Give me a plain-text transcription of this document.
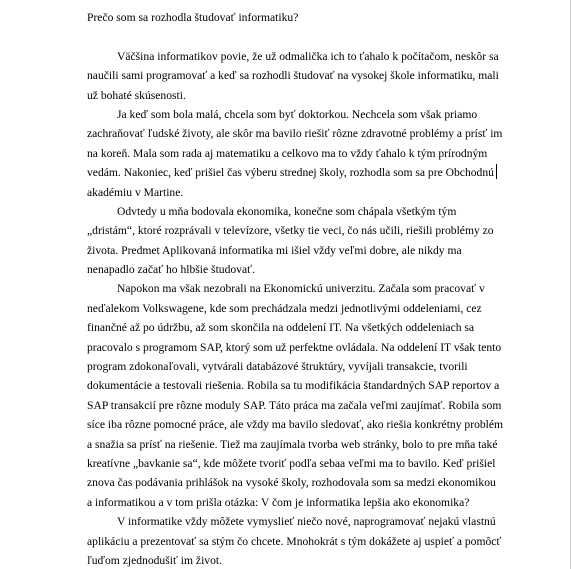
Prečo som sa rozhodla študovať informatiku?

Väčšina informatikov povie, že už odmalička ich to ťahalo k počítačom, neskôr sa
naučili sami programovať a keď sa rozhodli študovať na vysokej škole informatiku, mali
už bohaté skúsenosti.

Ja keď som bola malá, chcela som byť doktorkou. Nechcela som však priamo
zachraňovať ľudské životy, ale skôr ma bavilo riešiť rôzne zdravotné problémy a prísť im
na koreň. Mala som rada aj matematiku a celkovo ma to vždy ťahalo k tým prírodným
vedám. Nakoniec, keď prišiel čas výberu strednej školy, rozhodla som sa pre Obchodnú
akadémiu v Martine.

Odvtedy u mňa bodovala ekonomika, konečne som chápala všetkým tým
„dristám“, ktoré rozprávali v televízore, všetky tie veci, čo nás učili, riešili problémy zo
života. Predmet Aplikovaná informatika mi išiel vždy veľmi dobre, ale nikdy ma
nenapadlo začať ho hlbšie študovať.

Napokon ma však nezobrali na Ekonomickú univerzitu. Začala som pracovať v
neďalekom Volkswagene, kde som prechádzala medzi jednotlivými oddeleniami, cez
finančné až po údržbu, až som skončila na oddelení IT. Na všetkých oddeleniach sa
pracovalo s programom SAP, ktorý som už perfektne ovládala. Na oddelení IT však tento
program zdokonaľovali, vytvárali databázové štruktúry, vyvíjali transakcie, tvorili
dokumentácie a testovali riešenia. Robila sa tu modifikácia štandardných SAP reportov a
SAP transakcií pre rôzne moduly SAP. Táto práca ma začala veľmi zaujímať. Robila som
síce iba rôzne pomocné práce, ale vždy ma bavilo sledovať, ako riešia konkrétny problém
a snažia sa prísť na riešenie. Tiež ma zaujímala tvorba web stránky, bolo to pre mňa také
kreatívne „bavkanie sa“, kde môžete tvoriť podľa sebaa veľmi ma to bavilo. Keď prišiel
znova čas podávania prihlášok na vysoké školy, rozhodovala som sa medzi ekonomikou
a informatikou a v tom prišla otázka: V čom je informatika lepšia ako ekonomika?

V informatike vždy môžete vymyslieť niečo nové, naprogramovať nejakú vlastnú
aplikáciu a prezentovať sa stým čo chcete. Mnohokrát s tým dokážete aj uspieť a pomôcť
ľuďom zjednodušiť im život.
